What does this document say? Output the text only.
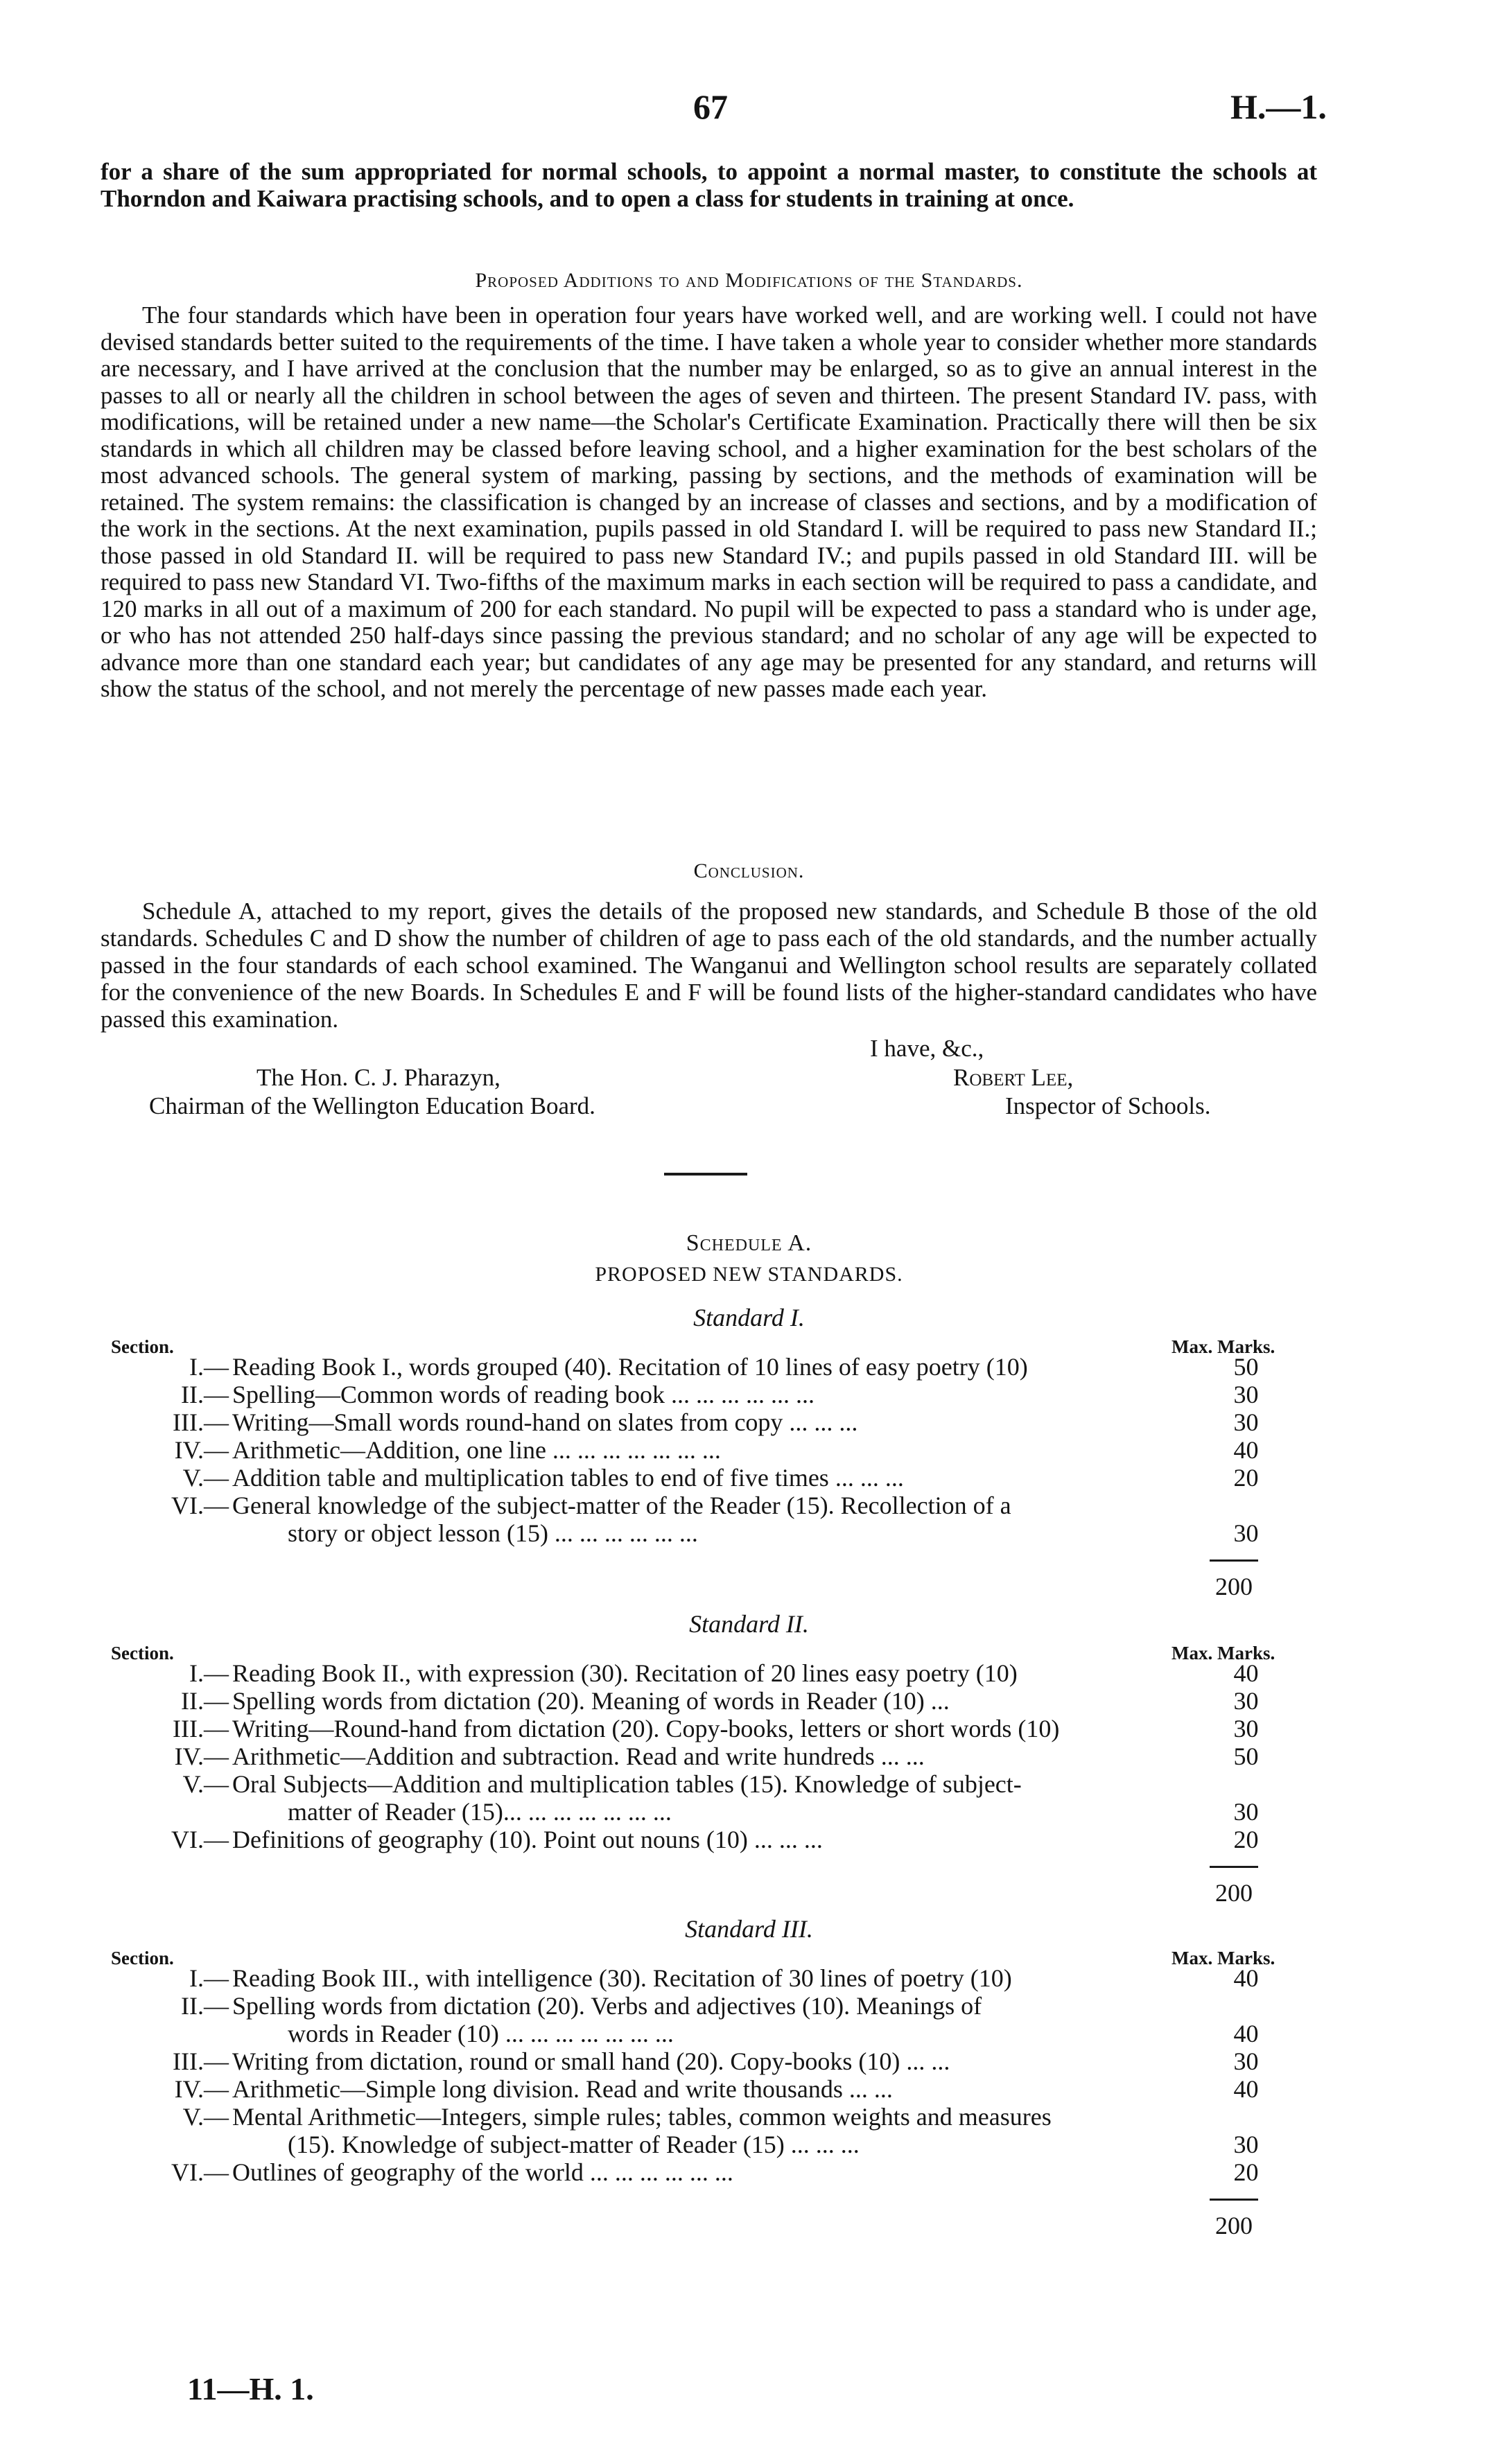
67	H.—1.
for a share of the sum appropriated for normal schools, to appoint a normal master, to constitute the schools at Thorndon and Kaiwara practising schools, and to open a class for students in training at once.
Proposed Additions to and Modifications of the Standards.
The four standards which have been in operation four years have worked well, and are working well. I could not have devised standards better suited to the requirements of the time. I have taken a whole year to consider whether more standards are necessary, and I have arrived at the conclusion that the number may be enlarged, so as to give an annual interest in the passes to all or nearly all the children in school between the ages of seven and thirteen. The present Standard IV. pass, with modifications, will be retained under a new name—the Scholar's Certificate Examination. Practically there will then be six standards in which all children may be classed before leaving school, and a higher examination for the best scholars of the most advanced schools. The general system of marking, passing by sections, and the methods of examination will be retained. The system remains: the classification is changed by an increase of classes and sections, and by a modification of the work in the sections. At the next examination, pupils passed in old Standard I. will be required to pass new Standard II.; those passed in old Standard II. will be required to pass new Standard IV.; and pupils passed in old Standard III. will be required to pass new Standard VI. Two-fifths of the maximum marks in each section will be required to pass a candidate, and 120 marks in all out of a maximum of 200 for each standard. No pupil will be expected to pass a standard who is under age, or who has not attended 250 half-days since passing the previous standard; and no scholar of any age will be expected to advance more than one standard each year; but candidates of any age may be presented for any standard, and returns will show the status of the school, and not merely the percentage of new passes made each year.
Conclusion.
Schedule A, attached to my report, gives the details of the proposed new standards, and Schedule B those of the old standards. Schedules C and D show the number of children of age to pass each of the old standards, and the number actually passed in the four standards of each school examined. The Wanganui and Wellington school results are separately collated for the convenience of the new Boards. In Schedules E and F will be found lists of the higher-standard candidates who have passed this examination.
I have, &c.,
The Hon. C. J. Pharazyn,	Robert Lee,
Chairman of the Wellington Education Board.	Inspector of Schools.
Schedule A.
PROPOSED NEW STANDARDS.
Standard I.
Section.	Max. Marks.
I.— Reading Book I., words grouped (40). Recitation of 10 lines of easy poetry (10)	50
II.— Spelling—Common words of reading book ... ... ... ... ... ...	30
III.— Writing—Small words round-hand on slates from copy ... ... ...	30
IV.— Arithmetic—Addition, one line ... ... ... ... ... ... ...	40
V.— Addition table and multiplication tables to end of five times ... ... ...	20
VI.— General knowledge of the subject-matter of the Reader (15). Recollection of a
story or object lesson (15) ... ... ... ... ... ...	30
200
Standard II.
Section.	Max. Marks.
I.— Reading Book II., with expression (30). Recitation of 20 lines easy poetry (10)	40
II.— Spelling words from dictation (20). Meaning of words in Reader (10) ...	30
III.— Writing—Round-hand from dictation (20). Copy-books, letters or short words (10)	30
IV.— Arithmetic—Addition and subtraction. Read and write hundreds ... ...	50
V.— Oral Subjects—Addition and multiplication tables (15). Knowledge of subject-
matter of Reader (15)... ... ... ... ... ... ...	30
VI.— Definitions of geography (10). Point out nouns (10) ... ... ...	20
200
Standard III.
Section.	Max. Marks.
I.— Reading Book III., with intelligence (30). Recitation of 30 lines of poetry (10)	40
II.— Spelling words from dictation (20). Verbs and adjectives (10). Meanings of
words in Reader (10) ... ... ... ... ... ... ...	40
III.— Writing from dictation, round or small hand (20). Copy-books (10) ... ...	30
IV.— Arithmetic—Simple long division. Read and write thousands ... ...	40
V.— Mental Arithmetic—Integers, simple rules; tables, common weights and measures
(15). Knowledge of subject-matter of Reader (15) ... ... ...	30
VI.— Outlines of geography of the world ... ... ... ... ... ...	20
200
11—H. 1.
